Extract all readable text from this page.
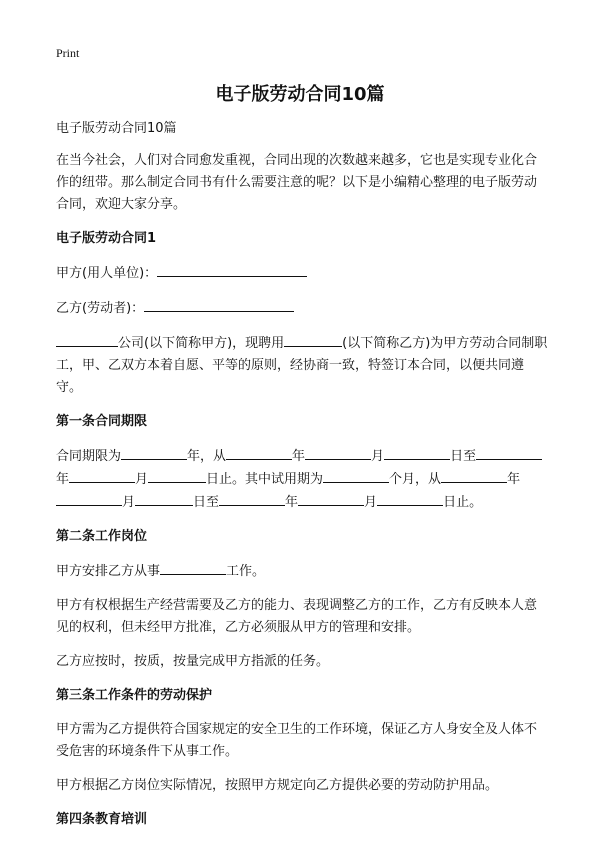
Print
电子版劳动合同10篇

电子版劳动合同10篇

在当今社会，人们对合同愈发重视，合同出现的次数越来越多，它也是实现专业化合作的纽带。那么制定合同书有什么需要注意的呢？以下是小编精心整理的电子版劳动合同，欢迎大家分享。

电子版劳动合同1

甲方(用人单位)：

乙方(劳动者)：

公司(以下简称甲方)，现聘用	(以下简称乙方)为甲方劳动合同制职工，甲、乙双方本着自愿、平等的原则，经协商一致，特签订本合同，以便共同遵守。

第一条合同期限

合同期限为	年，从	年	月	日至年	月	日止。其中试用期为	个月，从	年月	日至	年	月	日止。

第二条工作岗位

甲方安排乙方从事	工作。

甲方有权根据生产经营需要及乙方的能力、表现调整乙方的工作，乙方有反映本人意见的权利，但未经甲方批准，乙方必须服从甲方的管理和安排。

乙方应按时，按质，按量完成甲方指派的任务。

第三条工作条件的劳动保护

甲方需为乙方提供符合国家规定的安全卫生的工作环境，保证乙方人身安全及人体不受危害的环境条件下从事工作。

甲方根据乙方岗位实际情况，按照甲方规定向乙方提供必要的劳动防护用品。

第四条教育培训
